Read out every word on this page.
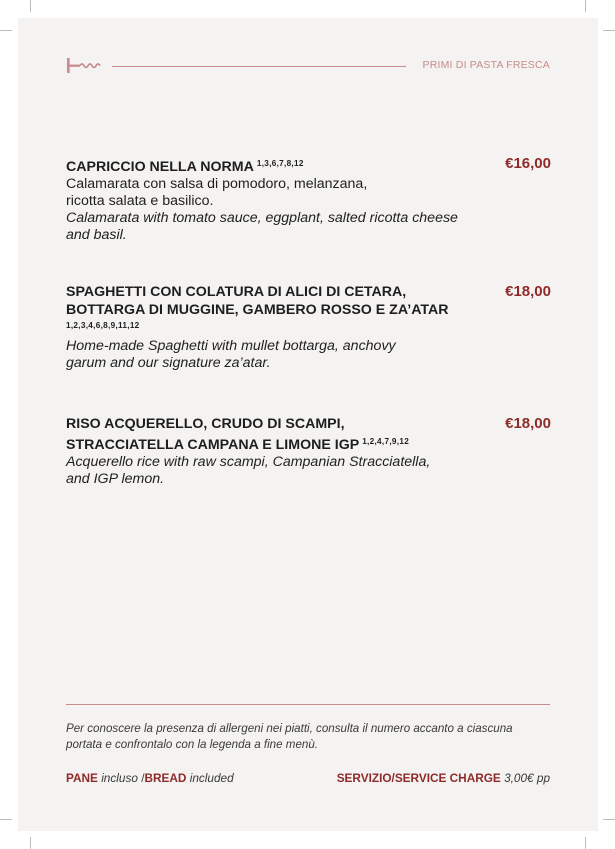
PRIMI DI PASTA FRESCA
CAPRICCIO NELLA NORMA $^{1,3,6,7,8,12}$
Calamarata con salsa di pomodoro, melanzana,
ricotta salata e basilico.
Calamarata with tomato sauce, eggplant, salted ricotta cheese
and basil.
€16,00
SPAGHETTI CON COLATURA DI ALICI DI CETARA,
BOTTARGA DI MUGGINE, GAMBERO ROSSO E ZA’ATAR
1,2,3,4,6,8,9,11,12
Home-made Spaghetti with mullet bottarga, anchovy
garum and our signature za’atar.
€18,00
RISO ACQUERELLO, CRUDO DI SCAMPI,
STRACCIATELLA CAMPANA E LIMONE IGP $^{1,2,4,7,9,12}$
Acquerello rice with raw scampi, Campanian Stracciatella,
and IGP lemon.
€18,00
Per conoscere la presenza di allergeni nei piatti, consulta il numero accanto a ciascuna
portata e confrontalo con la legenda a fine menù.
PANE incluso /BREAD included	SERVIZIO/SERVICE CHARGE 3,00€ pp
